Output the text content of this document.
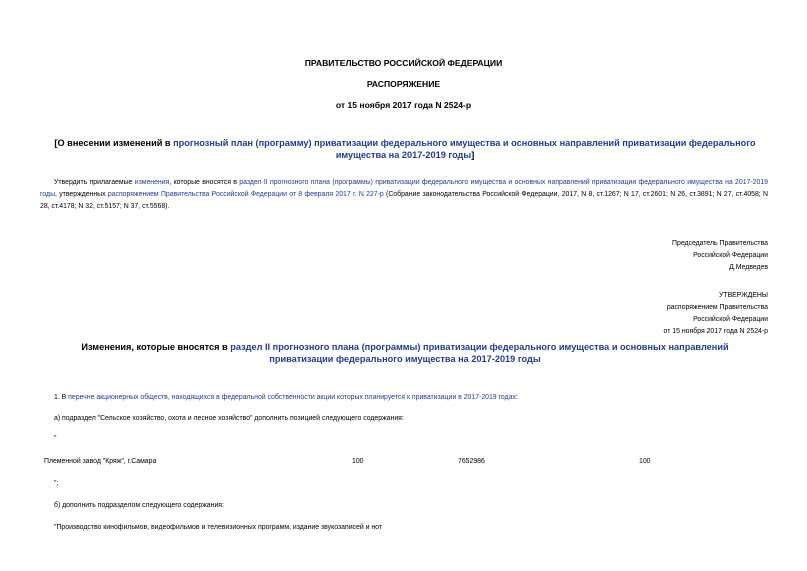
ПРАВИТЕЛЬСТВО РОССИЙСКОЙ ФЕДЕРАЦИИ
РАСПОРЯЖЕНИЕ
от 15 ноября 2017 года N 2524-р
[О внесении изменений в прогнозный план (программу) приватизации федерального имущества и основных направлений приватизации федерального имущества на 2017-2019 годы]
Утвердить прилагаемые изменения, которые вносятся в раздел II прогнозного плана (программы) приватизации федерального имущества и основных направлений приватизации федерального имущества на 2017-2019 годы, утвержденных распоряжением Правительства Российской Федерации от 8 февраля 2017 г. N 227-р (Собрание законодательства Российской Федерации, 2017, N 8, ст.1267; N 17, ст.2601; N 26, ст.3891; N 27, ст.4058; N 28, ст.4178; N 32, ст.5157; N 37, ст.5568).
Председатель Правительства
Российской Федерации
Д.Медведев
УТВЕРЖДЕНЫ
распоряжением Правительства
Российской Федерации
от 15 ноября 2017 года N 2524-р
Изменения, которые вносятся в раздел II прогнозного плана (программы) приватизации федерального имущества и основных направлений приватизации федерального имущества на 2017-2019 годы
1. В перечне акционерных обществ, находящихся в федеральной собственности акции которых планируется к приватизации в 2017-2019 годах:
а) подраздел "Сельское хозяйство, охота и лесное хозяйство" дополнить позицией следующего содержания:
"
Племенной завод "Кряж", г.Самара	100	7652986	100
";
б) дополнить подразделом следующего содержания:
"Производство кинофильмов, видеофильмов и телевизионных программ, издание звукозаписей и нот
